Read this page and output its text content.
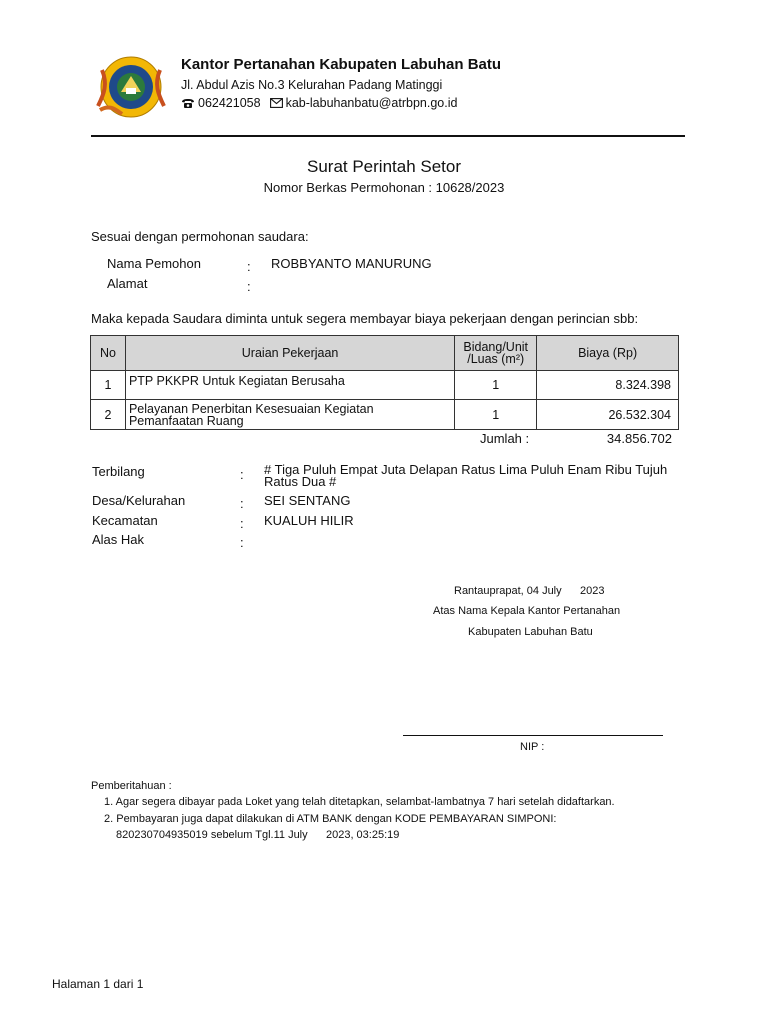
Kantor Pertanahan Kabupaten Labuhan Batu
Jl. Abdul Azis No.3 Kelurahan Padang Matinggi
062421058 kab-labuhanbatu@atrbpn.go.id
Surat Perintah Setor
Nomor Berkas Permohonan : 10628/2023
Sesuai dengan permohonan saudara:
Nama Pemohon	: ROBBYANTO MANURUNG
Alamat	:
Maka kepada Saudara diminta untuk segera membayar biaya pekerjaan dengan perincian sbb:
No	Uraian Pekerjaan	Bidang/Unit
/Luas (m²)	Biaya (Rp)
1	PTP PKKPR Untuk Kegiatan Berusaha	1	8.324.398
2	Pelayanan Penerbitan Kesesuaian Kegiatan
Pemanfaatan Ruang	1	26.532.304
Jumlah :	34.856.702
Terbilang	: # Tiga Puluh Empat Juta Delapan Ratus Lima Puluh Enam Ribu Tujuh
Ratus Dua #
Desa/Kelurahan	: SEI SENTANG
Kecamatan	: KUALUH HILIR
Alas Hak	:
Rantauprapat, 04 July      2023
Atas Nama Kepala Kantor Pertanahan
Kabupaten Labuhan Batu
NIP :
Pemberitahuan :
1. Agar segera dibayar pada Loket yang telah ditetapkan, selambat-lambatnya 7 hari setelah didaftarkan.
2. Pembayaran juga dapat dilakukan di ATM BANK dengan KODE PEMBAYARAN SIMPONI:
820230704935019 sebelum Tgl.11 July      2023, 03:25:19
Halaman 1 dari 1
